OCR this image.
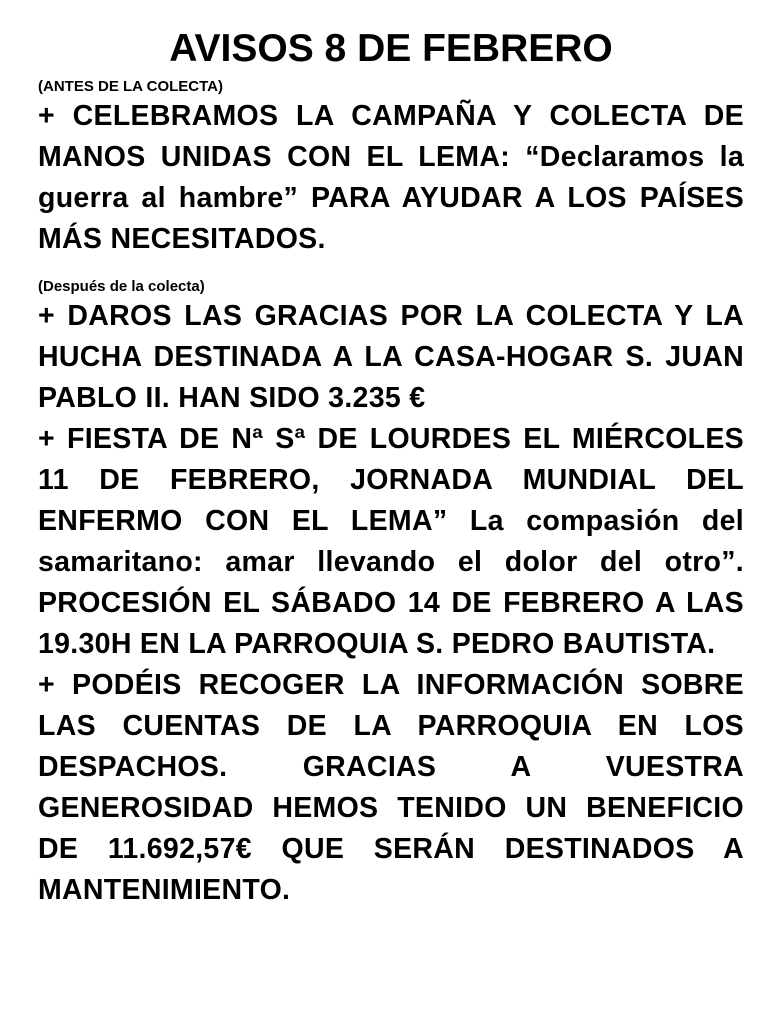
AVISOS 8 DE FEBRERO

(ANTES DE LA COLECTA)

+ CELEBRAMOS LA CAMPAÑA Y COLECTA DE MANOS UNIDAS CON EL LEMA: “Declaramos la guerra al hambre” PARA AYUDAR A LOS PAÍSES MÁS NECESITADOS.

(Después de la colecta)

+ DAROS LAS GRACIAS POR LA COLECTA Y LA HUCHA DESTINADA A LA CASA-HOGAR S. JUAN PABLO II. HAN SIDO 3.235 €

+ FIESTA DE Nª Sª DE LOURDES EL MIÉRCOLES 11 DE FEBRERO, JORNADA MUNDIAL DEL ENFERMO CON EL LEMA” La compasión del samaritano: amar llevando el dolor del otro”. PROCESIÓN EL SÁBADO 14 DE FEBRERO A LAS 19.30H EN LA PARROQUIA S. PEDRO BAUTISTA.

+ PODÉIS RECOGER LA INFORMACIÓN SOBRE LAS CUENTAS DE LA PARROQUIA EN LOS DESPACHOS. GRACIAS A VUESTRA GENEROSIDAD HEMOS TENIDO UN BENEFICIO DE 11.692,57€ QUE SERÁN DESTINADOS A MANTENIMIENTO.
